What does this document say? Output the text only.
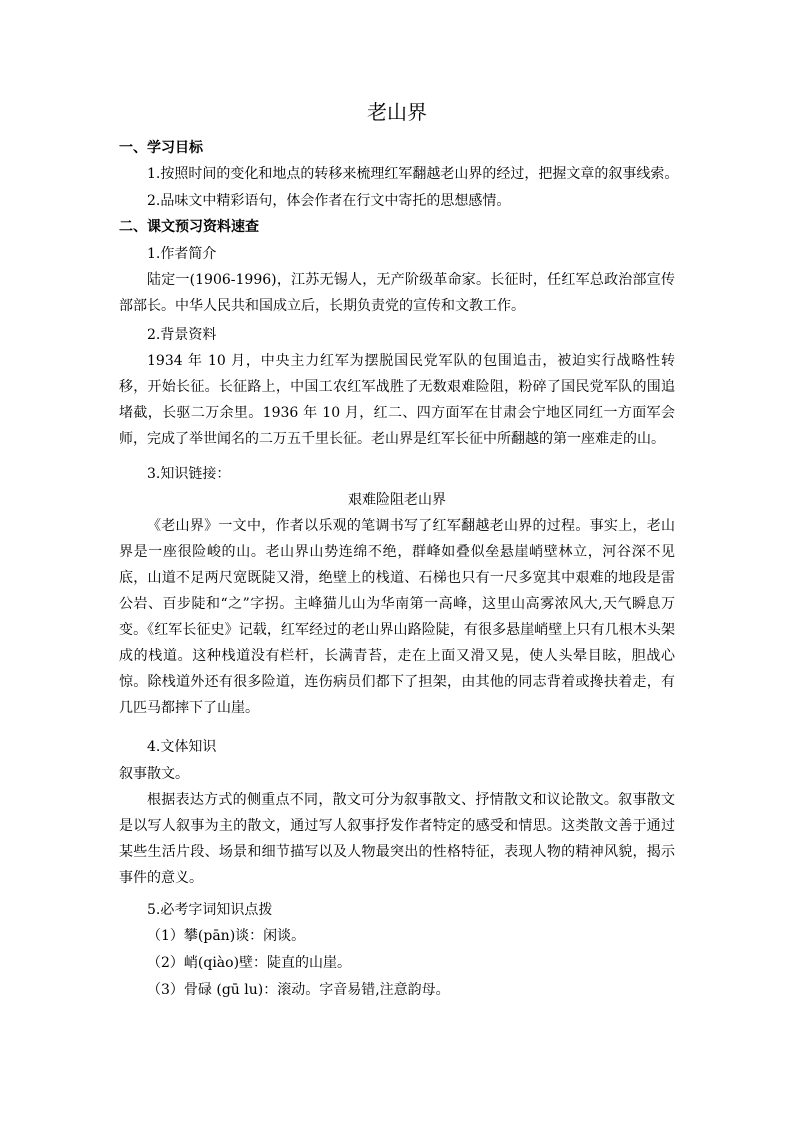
老山界
一、学习目标
1.按照时间的变化和地点的转移来梳理红军翻越老山界的经过，把握文章的叙事线索。
2.品味文中精彩语句，体会作者在行文中寄托的思想感情。
二、课文预习资料速查
1.作者简介
陆定一(1906-1996)，江苏无锡人，无产阶级革命家。长征时，任红军总政治部宣传部部长。中华人民共和国成立后，长期负责党的宣传和文教工作。
2.背景资料
1934 年 10 月，中央主力红军为摆脱国民党军队的包围追击，被迫实行战略性转移，开始长征。长征路上，中国工农红军战胜了无数艰难险阻，粉碎了国民党军队的围追堵截，长驱二万余里。1936 年 10 月，红二、四方面军在甘肃会宁地区同红一方面军会师，完成了举世闻名的二万五千里长征。老山界是红军长征中所翻越的第一座难走的山。
3.知识链接：
艰难险阻老山界
《老山界》一文中，作者以乐观的笔调书写了红军翻越老山界的过程。事实上，老山界是一座很险峻的山。老山界山势连绵不绝，群峰如叠似垒悬崖峭壁林立，河谷深不见底，山道不足两尺宽既陡又滑，绝壁上的栈道、石梯也只有一尺多宽其中艰难的地段是雷公岩、百步陡和“之”字拐。主峰猫儿山为华南第一高峰，这里山高雾浓风大,天气瞬息万变。《红军长征史》记载，红军经过的老山界山路险陡，有很多悬崖峭壁上只有几根木头架成的栈道。这种栈道没有栏杆，长满青苔，走在上面又滑又晃，使人头晕目眩，胆战心惊。除栈道外还有很多险道，连伤病员们都下了担架，由其他的同志背着或搀扶着走，有几匹马都摔下了山崖。
4.文体知识
叙事散文。
根据表达方式的侧重点不同，散文可分为叙事散文、抒情散文和议论散文。叙事散文是以写人叙事为主的散文，通过写人叙事抒发作者特定的感受和情思。这类散文善于通过某些生活片段、场景和细节描写以及人物最突出的性格特征，表现人物的精神风貌，揭示事件的意义。
5.必考字词知识点拨
（1）攀(pān)谈：闲谈。
（2）峭(qiào)壁：陡直的山崖。
（3）骨碌 (gū lu)：滚动。字音易错,注意韵母。
